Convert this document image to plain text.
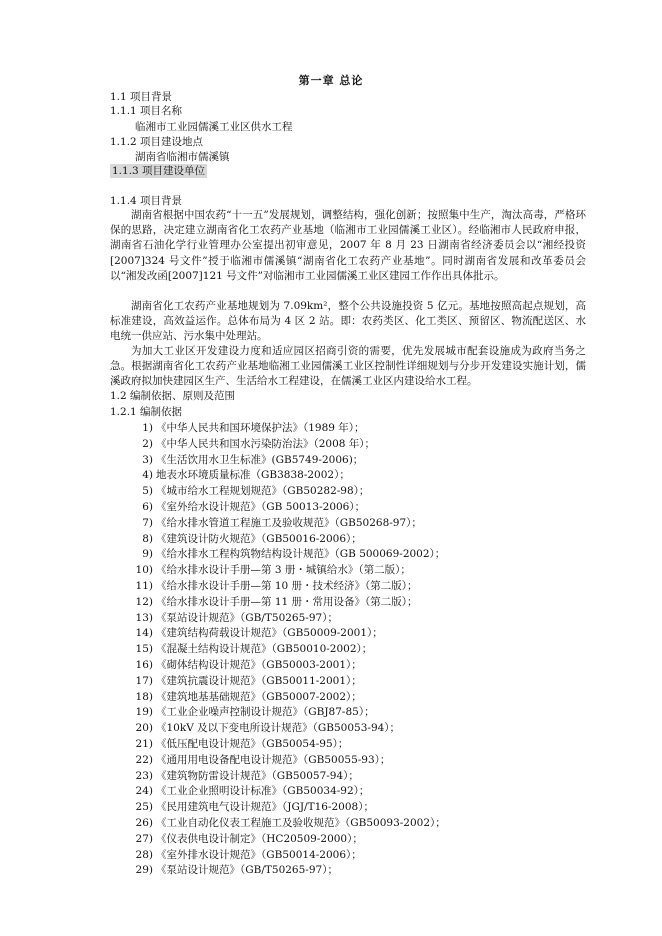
第一章 总论
1.1 项目背景
1.1.1 项目名称
临湘市工业园儒溪工业区供水工程
1.1.2 项目建设地点
湖南省临湘市儒溪镇
1.1.3 项目建设单位
1.1.4 项目背景

湖南省根据中国农药“十一五”发展规划，调整结构，强化创新；按照集中生产，淘汰高毒，严格环保的思路，决定建立湖南省化工农药产业基地（临湘市工业园儒溪工业区）。经临湘市人民政府申报，湖南省石油化学行业管理办公室提出初审意见，2007 年 8 月 23 日湖南省经济委员会以“湘经投资[2007]324 号文件”授于临湘市儒溪镇“湖南省化工农药产业基地”。同时湖南省发展和改革委员会以“湘发改函[2007]121 号文件”对临湘市工业园儒溪工业区建园工作作出具体批示。

湖南省化工农药产业基地规划为 7.09km²，整个公共设施投资 5 亿元。基地按照高起点规划，高标准建设，高效益运作。总体布局为 4 区 2 站。即：农药类区、化工类区、预留区、物流配送区、水电统一供应站、污水集中处理站。

为加大工业区开发建设力度和适应园区招商引资的需要，优先发展城市配套设施成为政府当务之急。根据湖南省化工农药产业基地临湘工业园儒溪工业区控制性详细规划与分步开发建设实施计划，儒溪政府拟加快建园区生产、生活给水工程建设，在儒溪工业区内建设给水工程。

1.2 编制依据、原则及范围
1.2.1 编制依据
1) 《中华人民共和国环境保护法》（1989 年）；
2) 《中华人民共和国水污染防治法》（2008 年）；
3) 《生活饮用水卫生标准》(GB5749-2006)；
4) 地表水环境质量标准（GB3838-2002）；
5) 《城市给水工程规划规范》（GB50282-98）；
6) 《室外给水设计规范》（GB 50013-2006）；
7) 《给水排水管道工程施工及验收规范》（GB50268-97）；
8) 《建筑设计防火规范》（GB50016-2006）；
9) 《给水排水工程构筑物结构设计规范》（GB 500069-2002）；
10) 《给水排水设计手册—第 3 册・城镇给水》（第二版）；
11) 《给水排水设计手册—第 10 册・技术经济》（第二版）；
12) 《给水排水设计手册—第 11 册・常用设备》（第二版）；
13) 《泵站设计规范》（GB/T50265-97）；
14) 《建筑结构荷载设计规范》（GB50009-2001）；
15) 《混凝土结构设计规范》（GB50010-2002）；
16) 《砌体结构设计规范》（GB50003-2001）；
17) 《建筑抗震设计规范》（GB50011-2001）；
18) 《建筑地基基础规范》（GB50007-2002）；
19) 《工业企业噪声控制设计规范》（GBJ87-85）；
20) 《10kV 及以下变电所设计规范》（GB50053-94）；
21) 《低压配电设计规范》（GB50054-95）；
22) 《通用用电设备配电设计规范》（GB50055-93）；
23) 《建筑物防雷设计规范》（GB50057-94）；
24) 《工业企业照明设计标准》（GB50034-92）；
25) 《民用建筑电气设计规范》（JGJ/T16-2008）；
26) 《工业自动化仪表工程施工及验收规范》（GB50093-2002）；
27) 《仪表供电设计制定》（HC20509-2000）；
28) 《室外排水设计规范》（GB50014-2006）；
29) 《泵站设计规范》（GB/T50265-97）；
